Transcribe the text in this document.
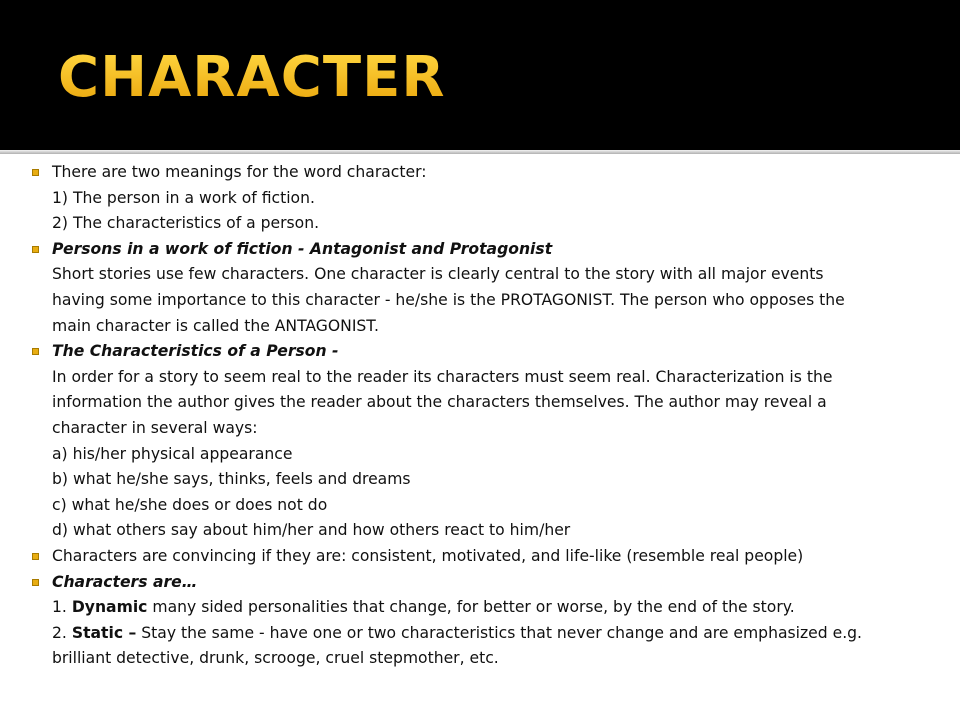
CHARACTER
There are two meanings for the word character:
1) The person in a work of fiction.
2) The characteristics of a person.
Persons in a work of fiction - Antagonist and Protagonist
Short stories use few characters. One character is clearly central to the story with all major events
having some importance to this character - he/she is the PROTAGONIST. The person who opposes the
main character is called the ANTAGONIST.
The Characteristics of a Person -
In order for a story to seem real to the reader its characters must seem real. Characterization is the
information the author gives the reader about the characters themselves. The author may reveal a
character in several ways:
a) his/her physical appearance
b) what he/she says, thinks, feels and dreams
c) what he/she does or does not do
d) what others say about him/her and how others react to him/her
Characters are convincing if they are: consistent, motivated, and life-like (resemble real people)
Characters are…
1. Dynamic many sided personalities that change, for better or worse, by the end of the story.
2. Static – Stay the same - have one or two characteristics that never change and are emphasized e.g.
brilliant detective, drunk, scrooge, cruel stepmother, etc.
